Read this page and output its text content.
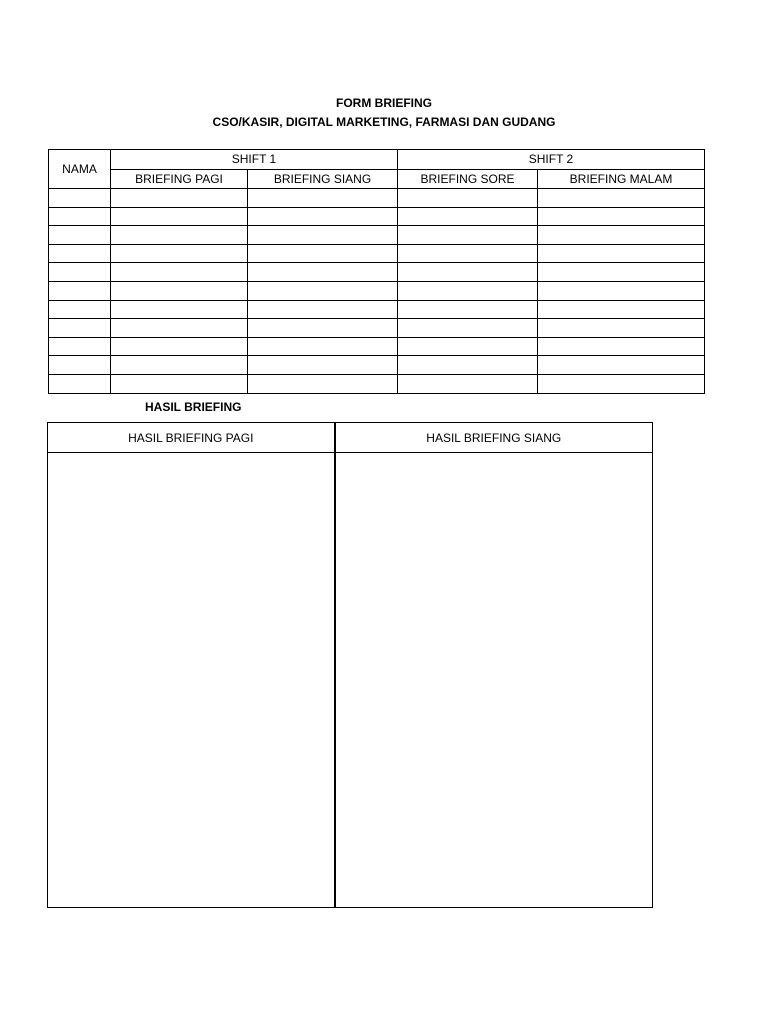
FORM BRIEFING
CSO/KASIR, DIGITAL MARKETING, FARMASI DAN GUDANG
NAMA	SHIFT 1		SHIFT 2	
	BRIEFING PAGI	BRIEFING SIANG	BRIEFING SORE	BRIEFING MALAM

HASIL BRIEFING
HASIL BRIEFING PAGI	HASIL BRIEFING SIANG
